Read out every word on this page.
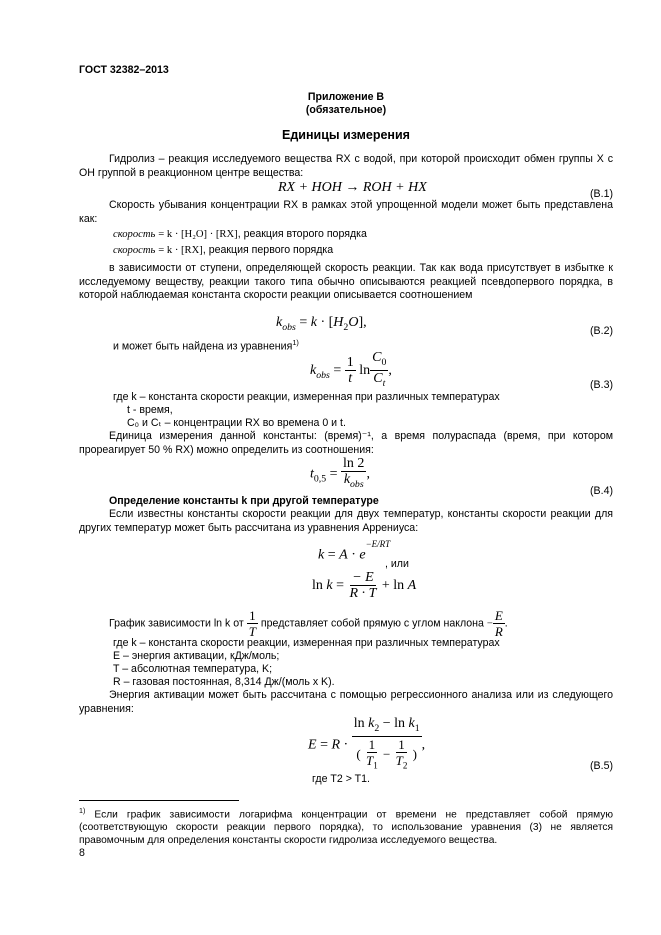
ГОСТ 32382–2013
Приложение В
(обязательное)
Единицы измерения
Гидролиз – реакция исследуемого вещества RX с водой, при которой происходит обмен группы X с OH группой в реакционном центре вещества:
RX + HOH → ROH + HX	(B.1)
Скорость убывания концентрации RX в рамках этой упрощенной модели может быть представлена как:
скорость = k · [H₂O] · [RX], реакция второго порядка
скорость = k · [RX], реакция первого порядка
в зависимости от ступени, определяющей скорость реакции. Так как вода присутствует в избытке к исследуемому веществу, реакции такого типа обычно описываются реакцией псевдопервого порядка, в которой наблюдаемая константа скорости реакции описывается соотношением
$k_{obs} = k \cdot [H_2O]$,
(B.2)
и может быть найдена из уравнения$^{1)}$
$k_{obs} = \frac{1}{t}$ $\ln \frac{C_0}{C_t}$ ,
(B.3)
где k – константа скорости реакции, измеренная при различных температурах
t - время,
C₀ и Cₜ – концентрации RX во времена 0 и t.
Единица измерения данной константы: (время)⁻¹, а время полураспада (время, при котором прореагирует 50 % RX) можно определить из соотношения:
$t_{0,5} = \frac{\ln 2}{k_{obs}}$ ,
(B.4)
Определение константы k при другой температуре
Если известны константы скорости реакции для двух температур, константы скорости реакции для других температур может быть рассчитана из уравнения Аррениуса:
$k = A \cdot e^{-E/RT}$
, или
$\ln k = \frac{- E}{R \cdot T} + \ln A$
График зависимости ln k от $\frac{1}{T}$ представляет собой прямую с углом наклона − $\frac{E}{R}$ .
где k – константа скорости реакции, измеренная при различных температурах
E – энергия активации, кДж/моль;
T – абсолютная температура, K;
R – газовая постоянная, 8,314 Дж/(моль x K).
Энергия активации может быть рассчитана с помощью регрессионного анализа или из следующего уравнения:
$E = R \cdot \frac{\ln k_2 - \ln k_1}{( \frac{1}{T_1} - \frac{1}{T_2} )}$ ,
(B.5)
где T2 > T1.
$^{1)}$ Если график зависимости логарифма концентрации от времени не представляет собой прямую (соответствующую скорости реакции первого порядка), то использование уравнения (3) не является правомочным для определения константы скорости гидролиза исследуемого вещества.
8
